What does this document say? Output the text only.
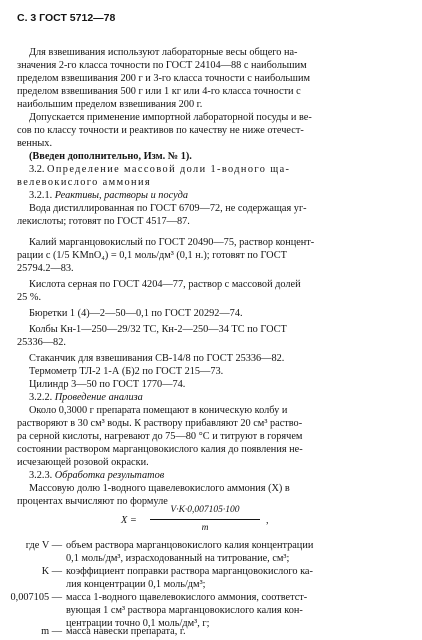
С. 3 ГОСТ 5712—78
Для взвешивания используют лабораторные весы общего на-
значения 2-го класса точности по ГОСТ 24104—88 с наибольшим
пределом взвешивания 200 г и 3-го класса точности с наибольшим
пределом взвешивания 500 г или 1 кг или 4-го класса точности с
наибольшим пределом взвешивания 200 г.
Допускается применение импортной лабораторной посуды и ве-
сов по классу точности и реактивов по качеству не ниже отечест-
венных.
(Введен дополнительно, Изм. № 1).
3.2. Определение массовой доли 1-водного ща-
велевокислого аммония
3.2.1. Реактивы, растворы и посуда
Вода дистиллированная по ГОСТ 6709—72, не содержащая уг-
лекислоты; готовят по ГОСТ 4517—87.
Калий марганцовокислый по ГОСТ 20490—75, раствор концент-
рации с (1/5 KMnO₄) = 0,1 моль/дм³ (0,1 н.); готовят по ГОСТ
25794.2—83.
Кислота серная по ГОСТ 4204—77, раствор с массовой долей
25 %.
Бюретки 1 (4)—2—50—0,1 по ГОСТ 20292—74.
Колбы Кн-1—250—29/32 ТС, Кн-2—250—34 ТС по ГОСТ
25336—82.
Стаканчик для взвешивания СВ-14/8 по ГОСТ 25336—82.
Термометр ТЛ-2 1-А (Б)2 по ГОСТ 215—73.
Цилиндр 3—50 по ГОСТ 1770—74.
3.2.2. Проведение анализа
Около 0,3000 г препарата помещают в коническую колбу и
растворяют в 30 см³ воды. К раствору прибавляют 20 см³ раство-
ра серной кислоты, нагревают до 75—80 °С и титруют в горячем
состоянии раствором марганцовокислого калия до появления не-
исчезающей розовой окраски.
3.2.3. Обработка результатов
Массовую долю 1-водного щавелевокислого аммония (X) в
процентах вычисляют по формуле
X =
V·K·0,007105·100
m
,
где V — объем раствора марганцовокислого калия концентрации
0,1 моль/дм³, израсходованный на титрование, см³;
K — коэффициент поправки раствора марганцовокислого ка-
лия концентрации 0,1 моль/дм³;
0,007105 — масса 1-водного щавелевокислого аммония, соответст-
вующая 1 см³ раствора марганцовокислого калия кон-
центрации точно 0,1 моль/дм³, г;
m — масса навески препарата, г.
